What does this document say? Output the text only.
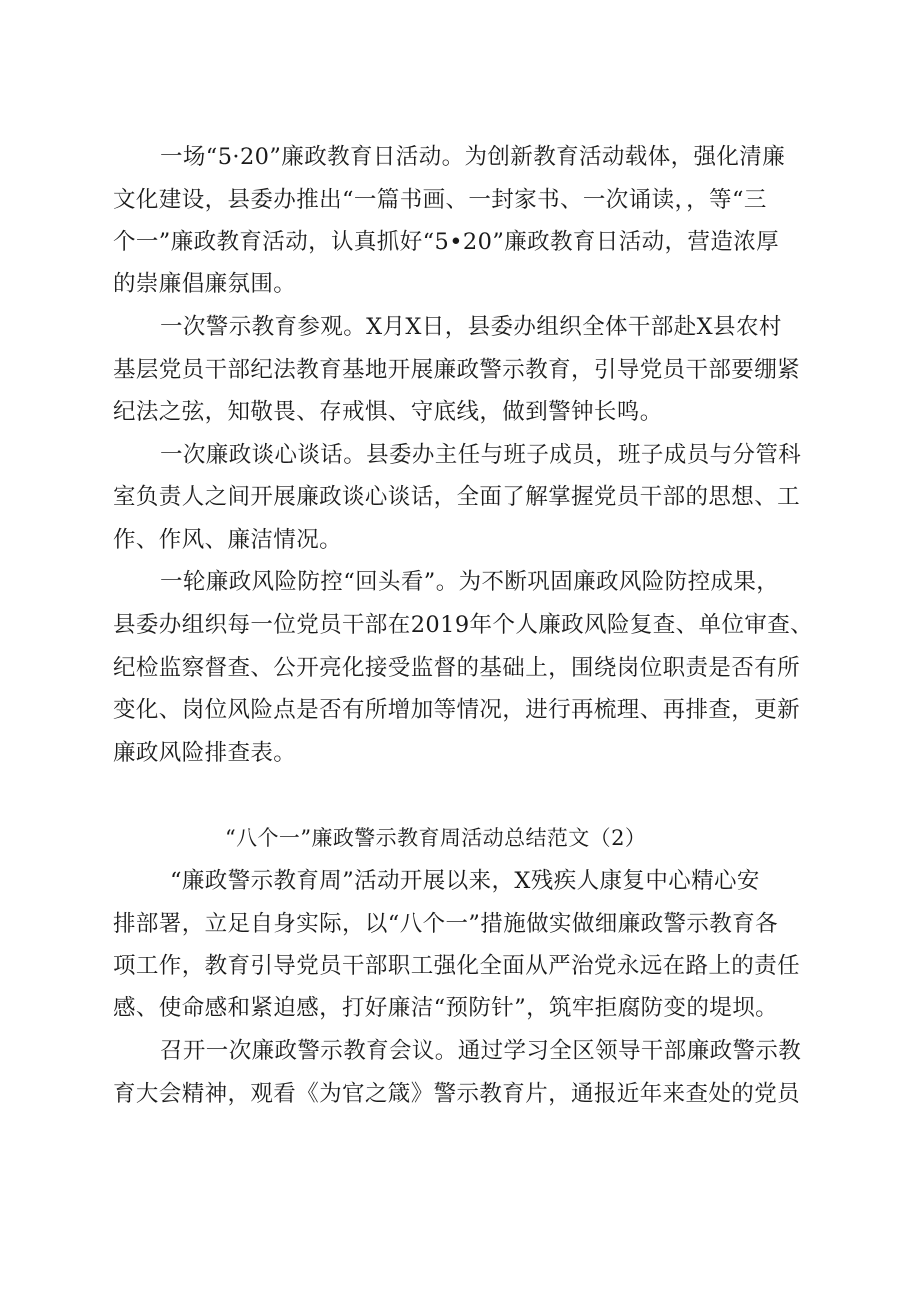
一场“5·20”廉政教育日活动。为创新教育活动载体，强化清廉
文化建设，县委办推出“一篇书画、一封家书、一次诵读，，等“三
个一”廉政教育活动，认真抓好“5•20”廉政教育日活动，营造浓厚
的崇廉倡廉氛围。
一次警示教育参观。X月X日，县委办组织全体干部赴X县农村
基层党员干部纪法教育基地开展廉政警示教育，引导党员干部要绷紧
纪法之弦，知敬畏、存戒惧、守底线，做到警钟长鸣。
一次廉政谈心谈话。县委办主任与班子成员，班子成员与分管科
室负责人之间开展廉政谈心谈话，全面了解掌握党员干部的思想、工
作、作风、廉洁情况。
一轮廉政风险防控“回头看”。为不断巩固廉政风险防控成果，
县委办组织每一位党员干部在2019年个人廉政风险复查、单位审查、
纪检监察督查、公开亮化接受监督的基础上，围绕岗位职责是否有所
变化、岗位风险点是否有所增加等情况，进行再梳理、再排查，更新
廉政风险排查表。
“八个一”廉政警示教育周活动总结范文（2）
“廉政警示教育周”活动开展以来，X残疾人康复中心精心安
排部署，立足自身实际，以“八个一”措施做实做细廉政警示教育各
项工作，教育引导党员干部职工强化全面从严治党永远在路上的责任
感、使命感和紧迫感，打好廉洁“预防针”，筑牢拒腐防变的堤坝。
召开一次廉政警示教育会议。通过学习全区领导干部廉政警示教
育大会精神，观看《为官之箴》警示教育片，通报近年来查处的党员
